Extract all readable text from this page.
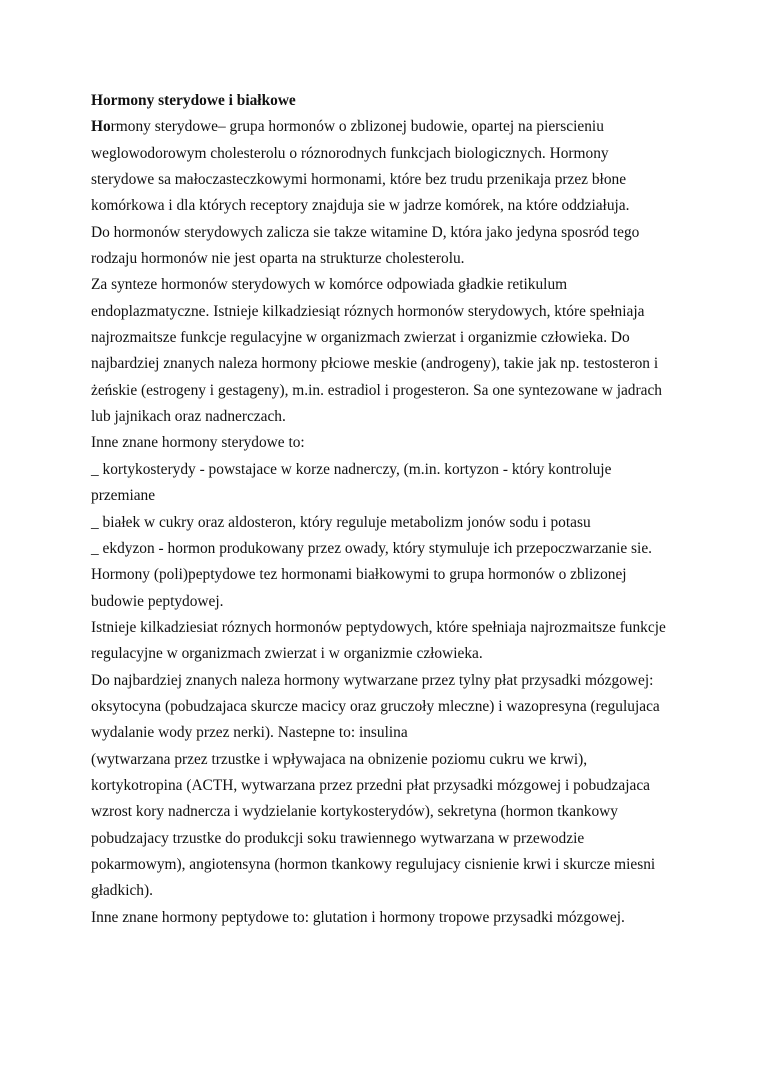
Hormony sterydowe i białkowe
Hormony sterydowe– grupa hormonów o zblizonej budowie, opartej na pierscieniu
weglowodorowym cholesterolu o róznorodnych funkcjach biologicznych. Hormony
sterydowe sa małoczasteczkowymi hormonami, które bez trudu przenikaja przez błone
komórkowa i dla których receptory znajduja sie w jadrze komórek, na które oddziałuja.
Do hormonów sterydowych zalicza sie takze witamine D, która jako jedyna sposród tego
rodzaju hormonów nie jest oparta na strukturze cholesterolu.
Za synteze hormonów sterydowych w komórce odpowiada gładkie retikulum
endoplazmatyczne. Istnieje kilkadziesiąt róznych hormonów sterydowych, które spełniaja
najrozmaitsze funkcje regulacyjne w organizmach zwierzat i organizmie człowieka. Do
najbardziej znanych naleza hormony płciowe meskie (androgeny), takie jak np. testosteron i
żeńskie (estrogeny i gestageny), m.in. estradiol i progesteron. Sa one syntezowane w jadrach
lub jajnikach oraz nadnerczach.
Inne znane hormony sterydowe to:
_ kortykosterydy - powstajace w korze nadnerczy, (m.in. kortyzon - który kontroluje
przemiane
_ białek w cukry oraz aldosteron, który reguluje metabolizm jonów sodu i potasu
_ ekdyzon - hormon produkowany przez owady, który stymuluje ich przepoczwarzanie sie.
Hormony (poli)peptydowe tez hormonami białkowymi to grupa hormonów o zblizonej
budowie peptydowej.
Istnieje kilkadziesiat róznych hormonów peptydowych, które spełniaja najrozmaitsze funkcje
regulacyjne w organizmach zwierzat i w organizmie człowieka.
Do najbardziej znanych naleza hormony wytwarzane przez tylny płat przysadki mózgowej:
oksytocyna (pobudzajaca skurcze macicy oraz gruczoły mleczne) i wazopresyna (regulujaca
wydalanie wody przez nerki). Nastepne to: insulina
(wytwarzana przez trzustke i wpływajaca na obnizenie poziomu cukru we krwi),
kortykotropina (ACTH, wytwarzana przez przedni płat przysadki mózgowej i pobudzajaca
wzrost kory nadnercza i wydzielanie kortykosterydów), sekretyna (hormon tkankowy
pobudzajacy trzustke do produkcji soku trawiennego wytwarzana w przewodzie
pokarmowym), angiotensyna (hormon tkankowy regulujacy cisnienie krwi i skurcze miesni
gładkich).
Inne znane hormony peptydowe to: glutation i hormony tropowe przysadki mózgowej.
